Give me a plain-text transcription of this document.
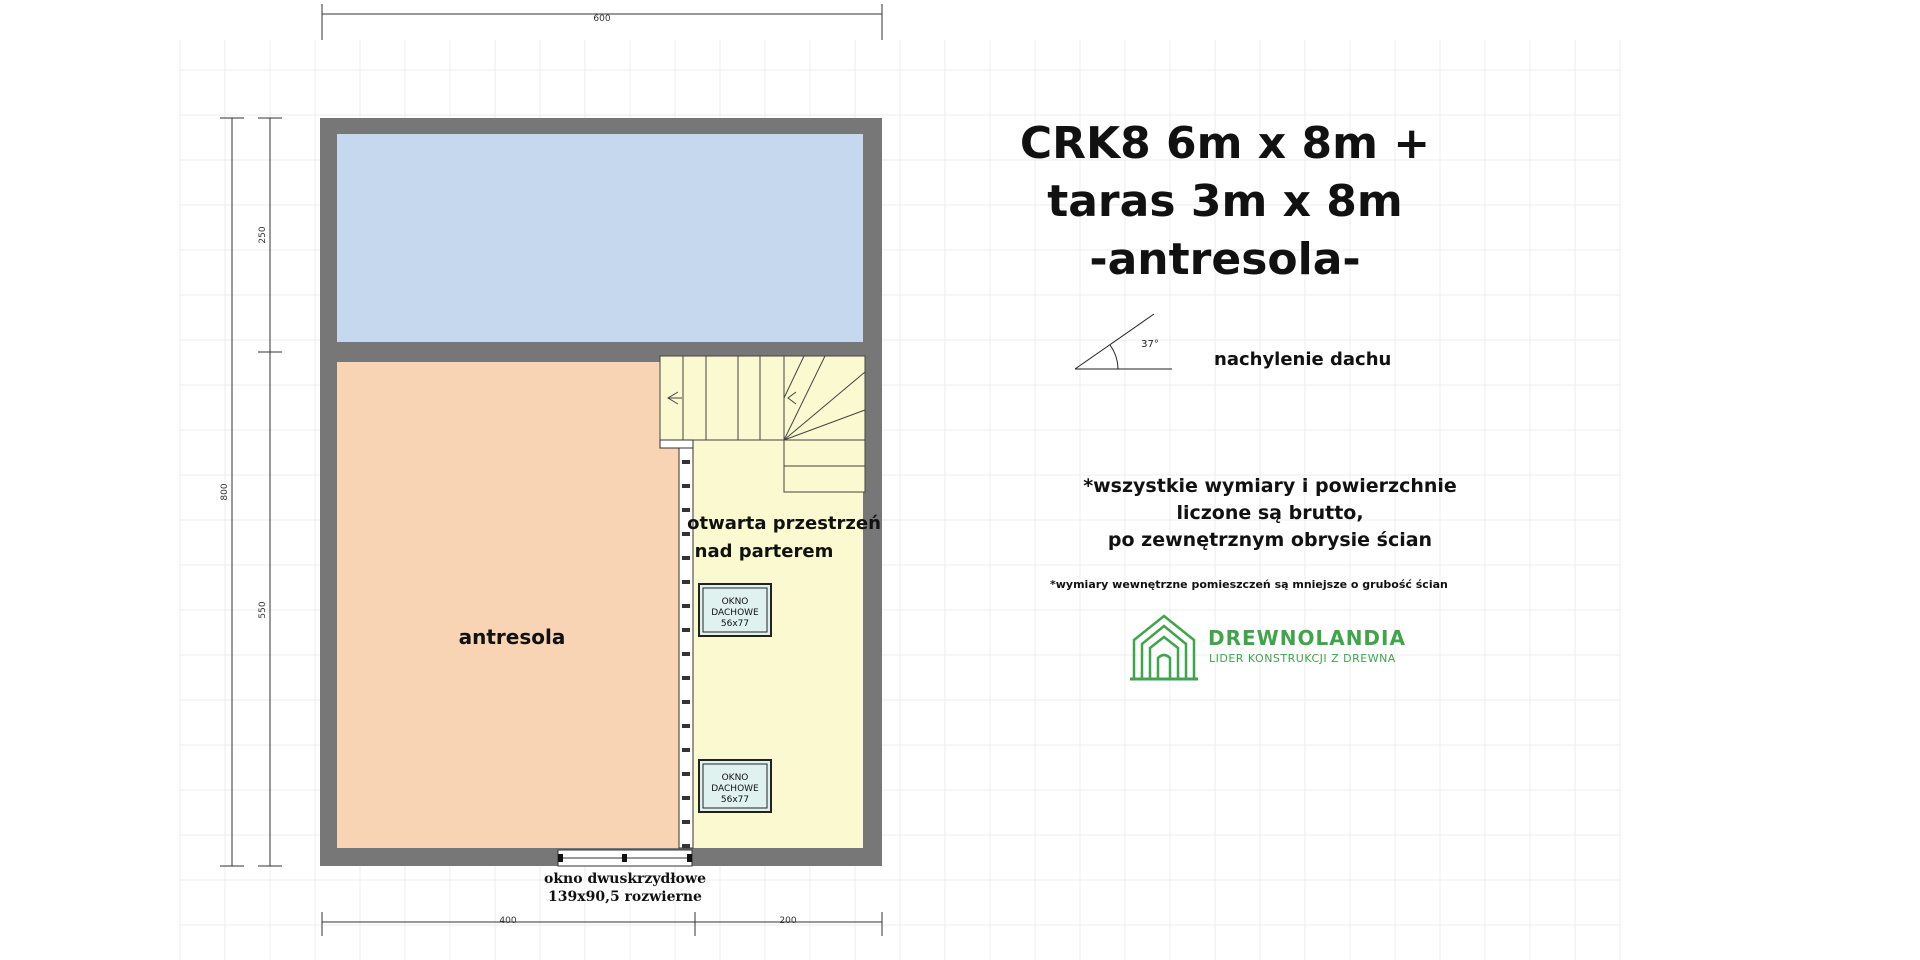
600
800
250
550
400	200
OKNO
DACHOWE
56x77
OKNO
DACHOWE
56x77
antresola
otwarta przestrzeń
nad parterem
37°
CRK8 6m x 8m +
taras 3m x 8m
-antresola-
nachylenie dachu
*wszystkie wymiary i powierzchnie
liczone są brutto,
po zewnętrznym obrysie ścian
*wymiary wewnętrzne pomieszczeń są mniejsze o grubość ścian
DREWNOLANDIA
LIDER KONSTRUKCJI Z DREWNA
okno dwuskrzydłowe
139x90,5 rozwierne
